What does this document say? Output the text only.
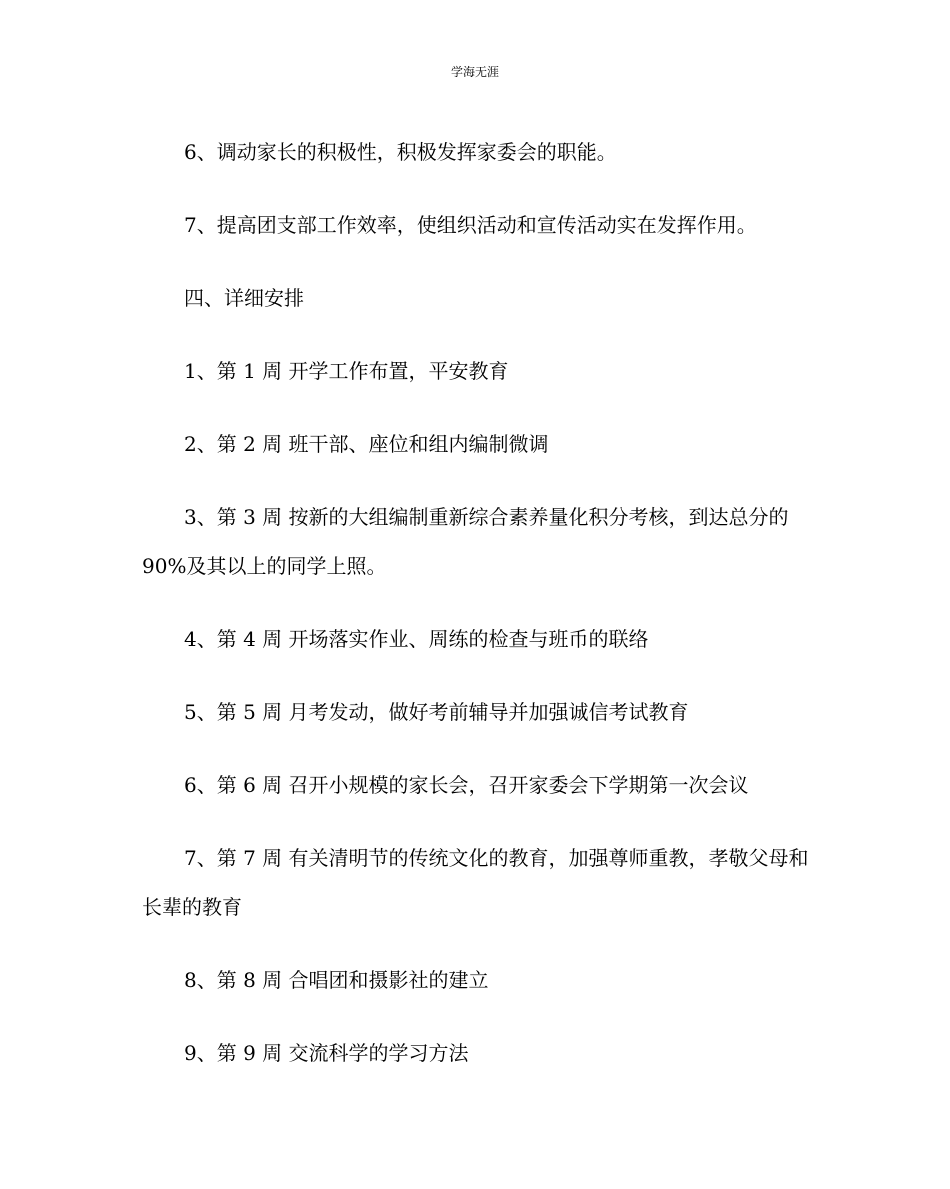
学海无涯

6、调动家长的积极性，积极发挥家委会的职能。

7、提高团支部工作效率，使组织活动和宣传活动实在发挥作用。

四、详细安排

1、第 1 周 开学工作布置，平安教育

2、第 2 周 班干部、座位和组内编制微调

3、第 3 周 按新的大组编制重新综合素养量化积分考核，到达总分的 90%及其以上的同学上照。

4、第 4 周 开场落实作业、周练的检查与班币的联络

5、第 5 周 月考发动，做好考前辅导并加强诚信考试教育

6、第 6 周 召开小规模的家长会，召开家委会下学期第一次会议

7、第 7 周 有关清明节的传统文化的教育，加强尊师重教，孝敬父母和长辈的教育

8、第 8 周 合唱团和摄影社的建立

9、第 9 周 交流科学的学习方法
